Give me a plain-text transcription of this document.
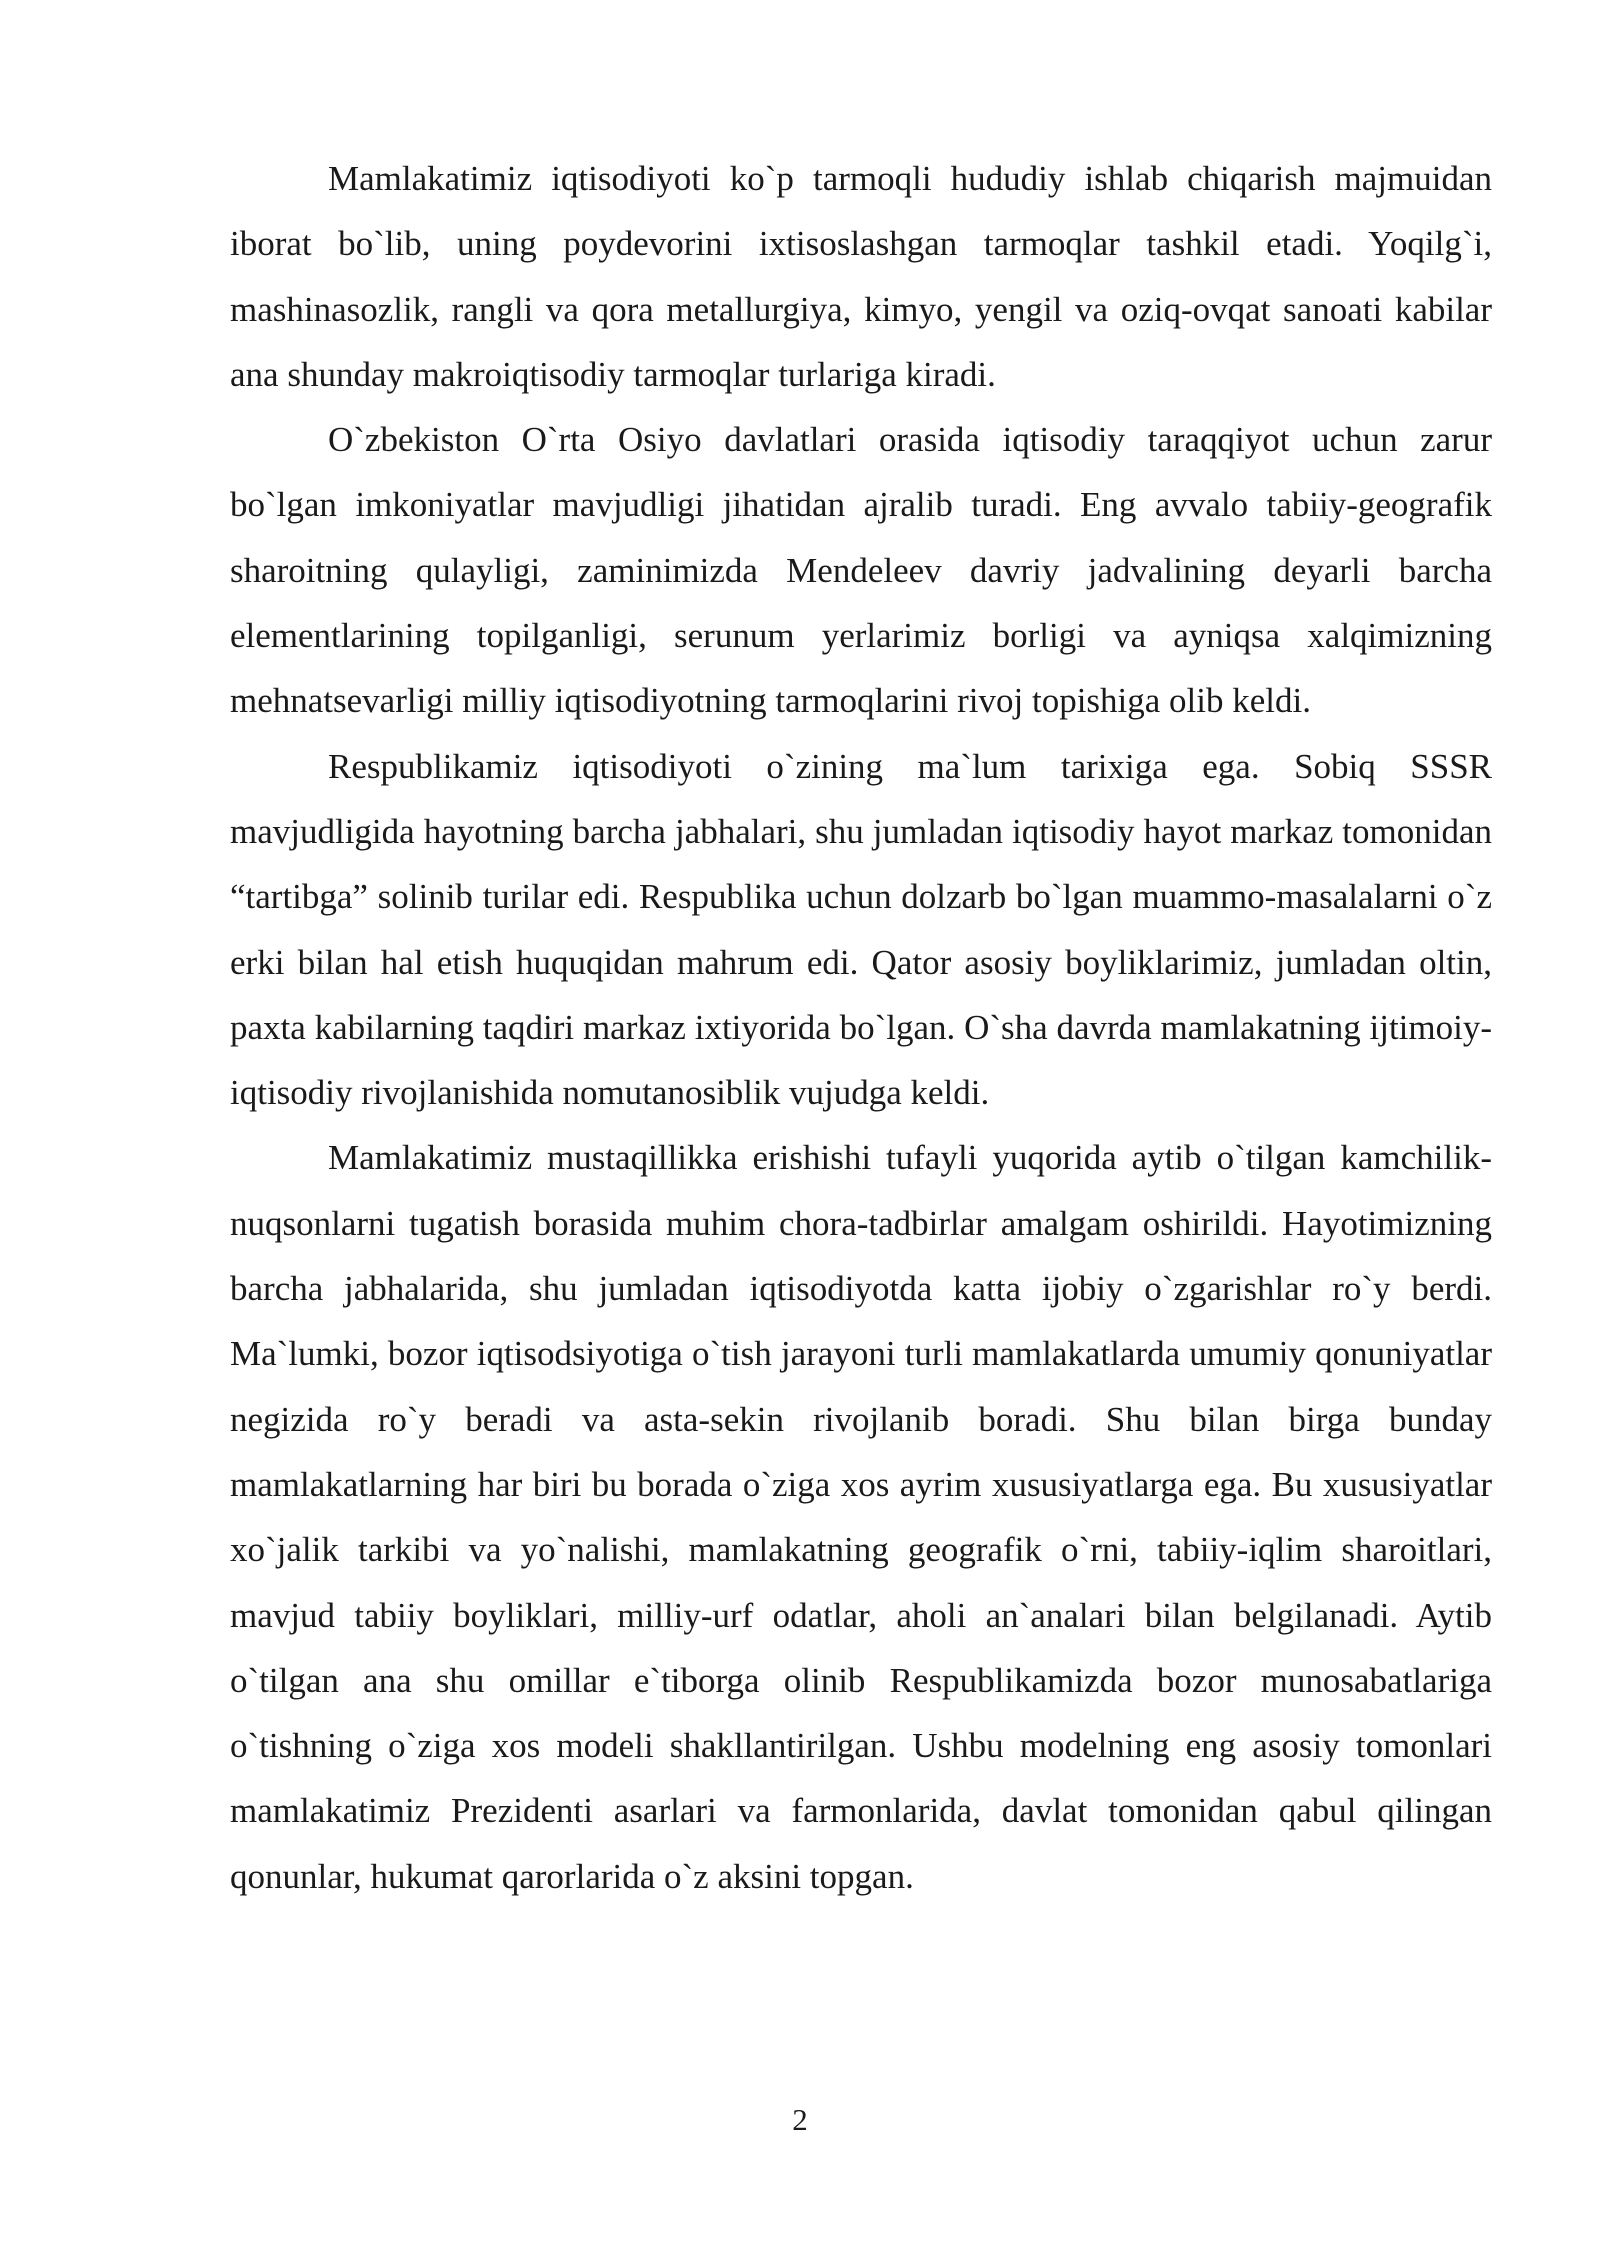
Mamlakatimiz iqtisodiyoti ko`p tarmoqli hududiy ishlab chiqarish majmuidan iborat bo`lib, uning poydevorini ixtisoslashgan tarmoqlar tashkil etadi. Yoqilg`i, mashinasozlik, rangli va qora metallurgiya, kimyo, yengil va oziq-ovqat sanoati kabilar ana shunday makroiqtisodiy tarmoqlar turlariga kiradi.

O`zbekiston O`rta Osiyo davlatlari orasida iqtisodiy taraqqiyot uchun zarur bo`lgan imkoniyatlar mavjudligi jihatidan ajralib turadi. Eng avvalo tabiiy-geografik sharoitning qulayligi, zaminimizda Mendeleev davriy jadvalining deyarli barcha elementlarining topilganligi, serunum yerlarimiz borligi va ayniqsa xalqimizning mehnatsevarligi milliy iqtisodiyotning tarmoqlarini rivoj topishiga olib keldi.

Respublikamiz iqtisodiyoti o`zining ma`lum tarixiga ega. Sobiq SSSR mavjudligida hayotning barcha jabhalari, shu jumladan iqtisodiy hayot markaz tomonidan “tartibga” solinib turilar edi. Respublika uchun dolzarb bo`lgan muammo-masalalarni o`z erki bilan hal etish huquqidan mahrum edi. Qator asosiy boyliklarimiz, jumladan oltin, paxta kabilarning taqdiri markaz ixtiyorida bo`lgan. O`sha davrda mamlakatning ijtimoiy-iqtisodiy rivojlanishida nomutanosiblik vujudga keldi.

Mamlakatimiz mustaqillikka erishishi tufayli yuqorida aytib o`tilgan kamchilik-nuqsonlarni tugatish borasida muhim chora-tadbirlar amalgam oshirildi. Hayotimizning barcha jabhalarida, shu jumladan iqtisodiyotda katta ijobiy o`zgarishlar ro`y berdi. Ma`lumki, bozor iqtisodsiyotiga o`tish jarayoni turli mamlakatlarda umumiy qonuniyatlar negizida ro`y beradi va asta-sekin rivojlanib boradi. Shu bilan birga bunday mamlakatlarning har biri bu borada o`ziga xos ayrim xususiyatlarga ega. Bu xususiyatlar xo`jalik tarkibi va yo`nalishi, mamlakatning geografik o`rni, tabiiy-iqlim sharoitlari, mavjud tabiiy boyliklari, milliy-urf odatlar, aholi an`analari bilan belgilanadi. Aytib o`tilgan ana shu omillar e`tiborga olinib Respublikamizda bozor munosabatlariga o`tishning o`ziga xos modeli shakllantirilgan. Ushbu modelning eng asosiy tomonlari mamlakatimiz Prezidenti asarlari va farmonlarida, davlat tomonidan qabul qilingan qonunlar, hukumat qarorlarida o`z aksini topgan.

2
